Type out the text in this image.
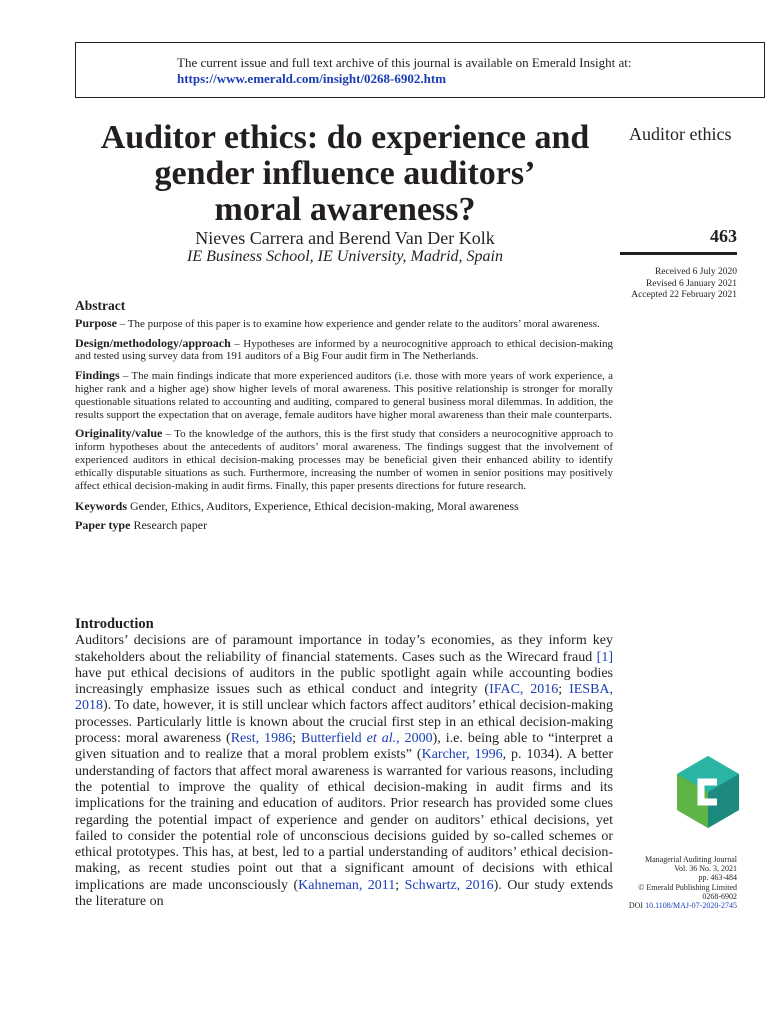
The current issue and full text archive of this journal is available on Emerald Insight at:
https://www.emerald.com/insight/0268-6902.htm
Auditor ethics: do experience and
gender influence auditors’
moral awareness?
Nieves Carrera and Berend Van Der Kolk
IE Business School, IE University, Madrid, Spain
Auditor ethics
463
Received 6 July 2020
Revised 6 January 2021
Accepted 22 February 2021
Abstract

Purpose – The purpose of this paper is to examine how experience and gender relate to the auditors’ moral awareness.

Design/methodology/approach – Hypotheses are informed by a neurocognitive approach to ethical decision-making and tested using survey data from 191 auditors of a Big Four audit firm in The Netherlands.

Findings – The main findings indicate that more experienced auditors (i.e. those with more years of work experience, a higher rank and a higher age) show higher levels of moral awareness. This positive relationship is stronger for morally questionable situations related to accounting and auditing, compared to general business moral dilemmas. In addition, the results support the expectation that on average, female auditors have higher moral awareness than their male counterparts.

Originality/value – To the knowledge of the authors, this is the first study that considers a neurocognitive approach to inform hypotheses about the antecedents of auditors’ moral awareness. The findings suggest that the involvement of experienced auditors in ethical decision-making processes may be beneficial given their enhanced ability to identify ethically disputable situations as such. Furthermore, increasing the number of women in senior positions may positively affect ethical decision-making in audit firms. Finally, this paper presents directions for future research.

Keywords Gender, Ethics, Auditors, Experience, Ethical decision-making, Moral awareness

Paper type Research paper

Introduction
Auditors’ decisions are of paramount importance in today’s economies, as they inform key stakeholders about the reliability of financial statements. Cases such as the Wirecard fraud [1] have put ethical decisions of auditors in the public spotlight again while accounting bodies increasingly emphasize issues such as ethical conduct and integrity (IFAC, 2016; IESBA, 2018). To date, however, it is still unclear which factors affect auditors’ ethical decision-making processes. Particularly little is known about the crucial first step in an ethical decision-making process: moral awareness (Rest, 1986; Butterfield et al., 2000), i.e. being able to “interpret a given situation and to realize that a moral problem exists” (Karcher, 1996, p. 1034). A better understanding of factors that affect moral awareness is warranted for various reasons, including the potential to improve the quality of ethical decision-making in audit firms and its implications for the training and education of auditors. Prior research has provided some clues regarding the potential impact of experience and gender on auditors’ ethical decisions, yet failed to consider the potential role of unconscious decisions guided by so-called schemes or ethical prototypes. This has, at best, led to a partial understanding of auditors’ ethical decision-making, as recent studies point out that a significant amount of decisions with ethical implications are made unconsciously (Kahneman, 2011; Schwartz, 2016). Our study extends the literature on
Managerial Auditing Journal
Vol. 36 No. 3, 2021
pp. 463-484
© Emerald Publishing Limited
0268-6902
DOI 10.1108/MAJ-07-2020-2745
